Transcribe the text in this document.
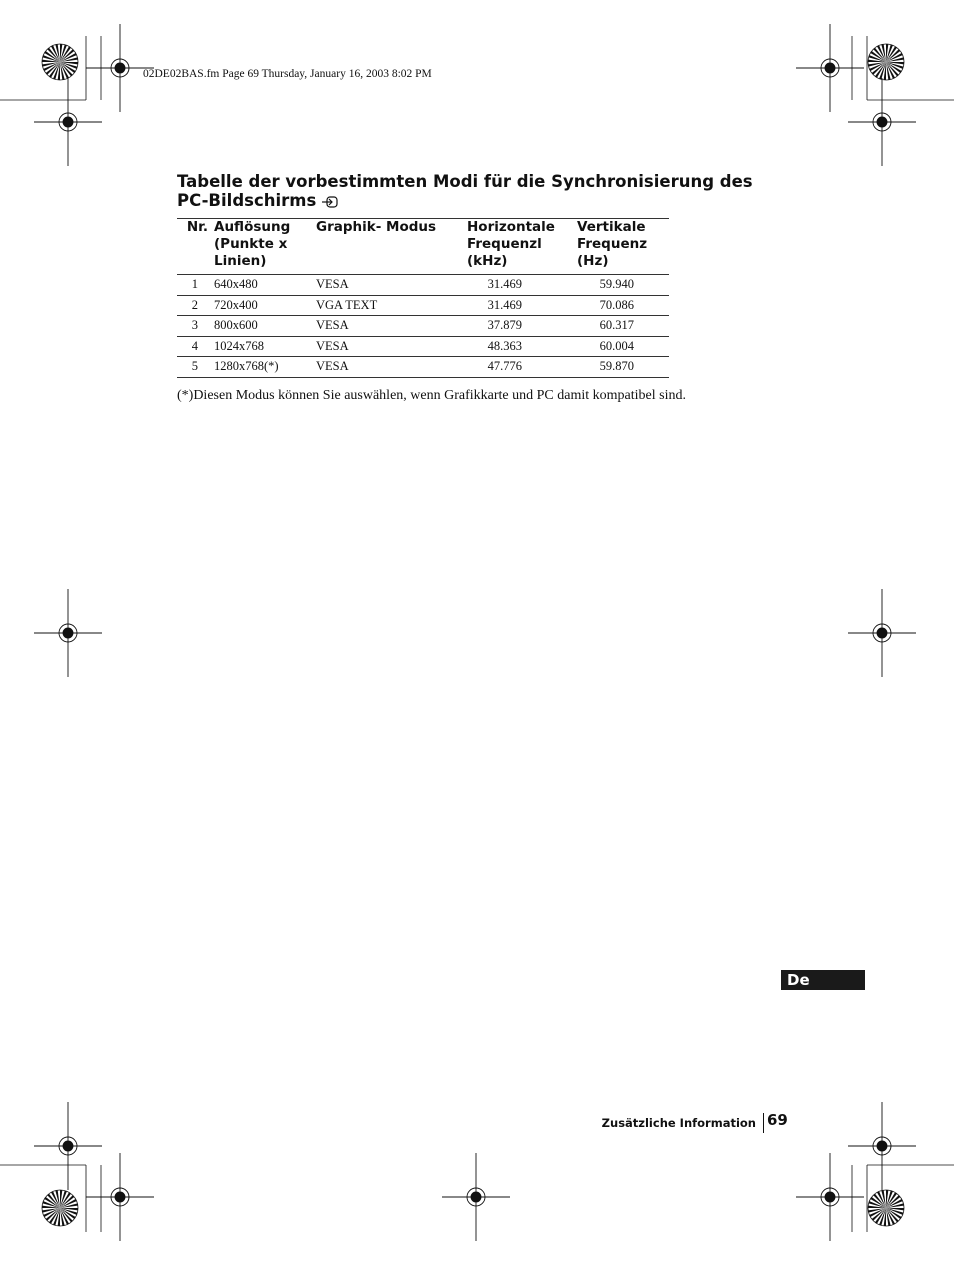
02DE02BAS.fm Page 69 Thursday, January 16, 2003 8:02 PM
Tabelle der vorbestimmten Modi für die Synchronisierung des PC-Bildschirms
Nr.	Auflösung (Punkte x Linien)	Graphik- Modus	Horizontale Frequenzl (kHz)	Vertikale Frequenz (Hz)
1	640x480	VESA	31.469	59.940
2	720x400	VGA TEXT	31.469	70.086
3	800x600	VESA	37.879	60.317
4	1024x768	VESA	48.363	60.004
5	1280x768(*)	VESA	47.776	59.870
(*)Diesen Modus können Sie auswählen, wenn Grafikkarte und PC damit kompatibel sind.
De
Zusätzliche Information 69
